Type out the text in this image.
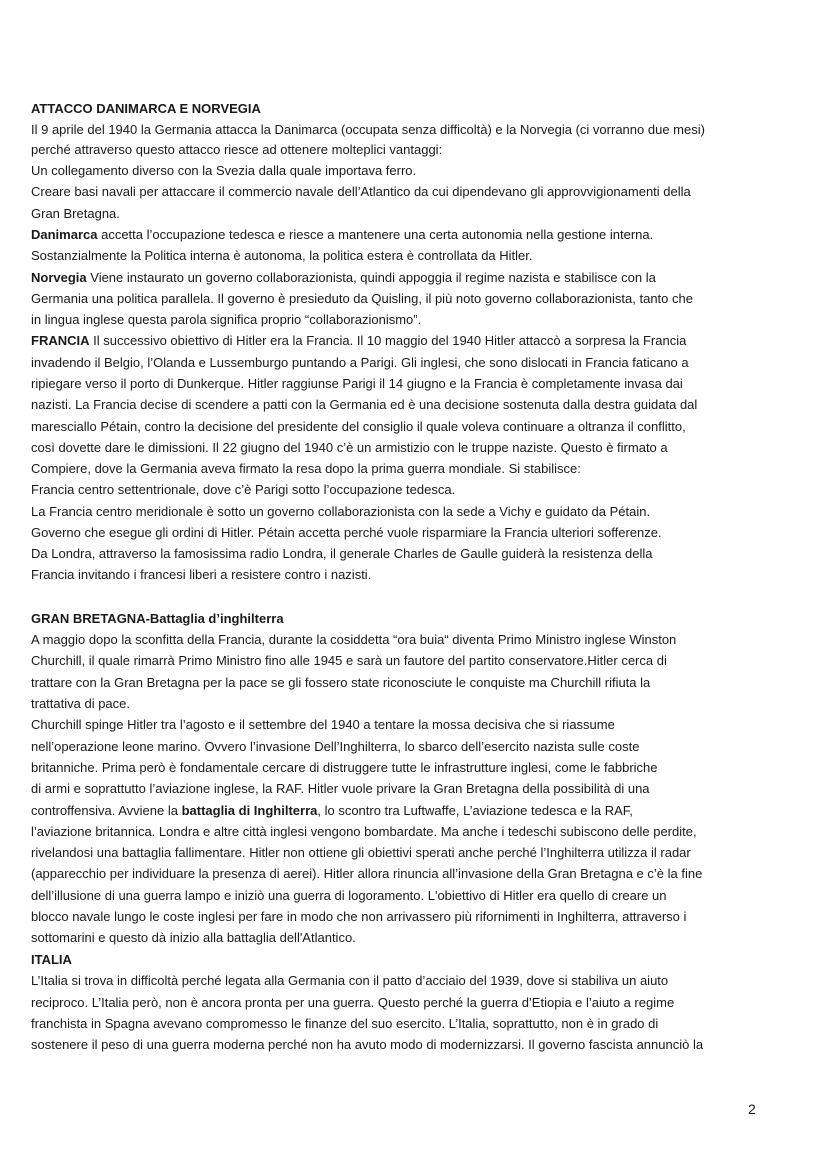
ATTACCO DANIMARCA E NORVEGIA
Il 9 aprile del 1940 la Germania attacca la Danimarca (occupata senza difficoltà) e la Norvegia (ci vorranno due mesi)
perché attraverso questo attacco riesce ad ottenere molteplici vantaggi:
Un collegamento diverso con la Svezia dalla quale importava ferro.
Creare basi navali per attaccare il commercio navale dell’Atlantico da cui dipendevano gli approvvigionamenti della
Gran Bretagna.
Danimarca accetta l’occupazione tedesca e riesce a mantenere una certa autonomia nella gestione interna.
Sostanzialmente la Politica interna è autonoma, la politica estera è controllata da Hitler.
Norvegia Viene instaurato un governo collaborazionista, quindi appoggia il regime nazista e stabilisce con la
Germania una politica parallela. Il governo è presieduto da Quisling, il più noto governo collaborazionista, tanto che
in lingua inglese questa parola significa proprio “collaborazionismo”.
FRANCIA Il successivo obiettivo di Hitler era la Francia. Il 10 maggio del 1940 Hitler attaccò a sorpresa la Francia
invadendo il Belgio, l’Olanda e Lussemburgo puntando a Parigi. Gli inglesi, che sono dislocati in Francia faticano a
ripiegare verso il porto di Dunkerque. Hitler raggiunse Parigi il 14 giugno e la Francia è completamente invasa dai
nazisti. La Francia decise di scendere a patti con la Germania ed è una decisione sostenuta dalla destra guidata dal
maresciallo Pétain, contro la decisione del presidente del consiglio il quale voleva continuare a oltranza il conflitto,
così dovette dare le dimissioni. Il 22 giugno del 1940 c’è un armistizio con le truppe naziste. Questo è firmato a
Compiere, dove la Germania aveva firmato la resa dopo la prima guerra mondiale. Si stabilisce:
Francia centro settentrionale, dove c’è Parigi sotto l’occupazione tedesca.
La Francia centro meridionale è sotto un governo collaborazionista con la sede a Vichy e guidato da Pétain.
Governo che esegue gli ordini di Hitler. Pétain accetta perché vuole risparmiare la Francia ulteriori sofferenze.
Da Londra, attraverso la famosissima radio Londra, il generale Charles de Gaulle guiderà la resistenza della
Francia invitando i francesi liberi a resistere contro i nazisti.
GRAN BRETAGNA-Battaglia d’inghilterra
A maggio dopo la sconfitta della Francia, durante la cosiddetta “ora buia“ diventa Primo Ministro inglese Winston
Churchill, il quale rimarrà Primo Ministro fino alle 1945 e sarà un fautore del partito conservatore.Hitler cerca di
trattare con la Gran Bretagna per la pace se gli fossero state riconosciute le conquiste ma Churchill rifiuta la
trattativa di pace.
Churchill spinge Hitler tra l’agosto e il settembre del 1940 a tentare la mossa decisiva che si riassume
nell’operazione leone marino. Ovvero l’invasione Dell’Inghilterra, lo sbarco dell’esercito nazista sulle coste
britanniche. Prima però è fondamentale cercare di distruggere tutte le infrastrutture inglesi, come le fabbriche
di armi e soprattutto l’aviazione inglese, la RAF. Hitler vuole privare la Gran Bretagna della possibilità di una
controffensiva. Avviene la battaglia di Inghilterra, lo scontro tra Luftwaffe, L’aviazione tedesca e la RAF,
l’aviazione britannica. Londra e altre città inglesi vengono bombardate. Ma anche i tedeschi subiscono delle perdite,
rivelandosi una battaglia fallimentare. Hitler non ottiene gli obiettivi sperati anche perché l’Inghilterra utilizza il radar
(apparecchio per individuare la presenza di aerei). Hitler allora rinuncia all’invasione della Gran Bretagna e c’è la fine
dell’illusione di una guerra lampo e iniziò una guerra di logoramento. L'obiettivo di Hitler era quello di creare un
blocco navale lungo le coste inglesi per fare in modo che non arrivassero più rifornimenti in Inghilterra, attraverso i
sottomarini e questo dà inizio alla battaglia dell'Atlantico.
ITALIA
L’Italia si trova in difficoltà perché legata alla Germania con il patto d’acciaio del 1939, dove si stabiliva un aiuto
reciproco. L’Italia però, non è ancora pronta per una guerra. Questo perché la guerra d’Etiopia e l’aiuto a regime
franchista in Spagna avevano compromesso le finanze del suo esercito. L’Italia, soprattutto, non è in grado di
sostenere il peso di una guerra moderna perché non ha avuto modo di modernizzarsi. Il governo fascista annunciò la
2
